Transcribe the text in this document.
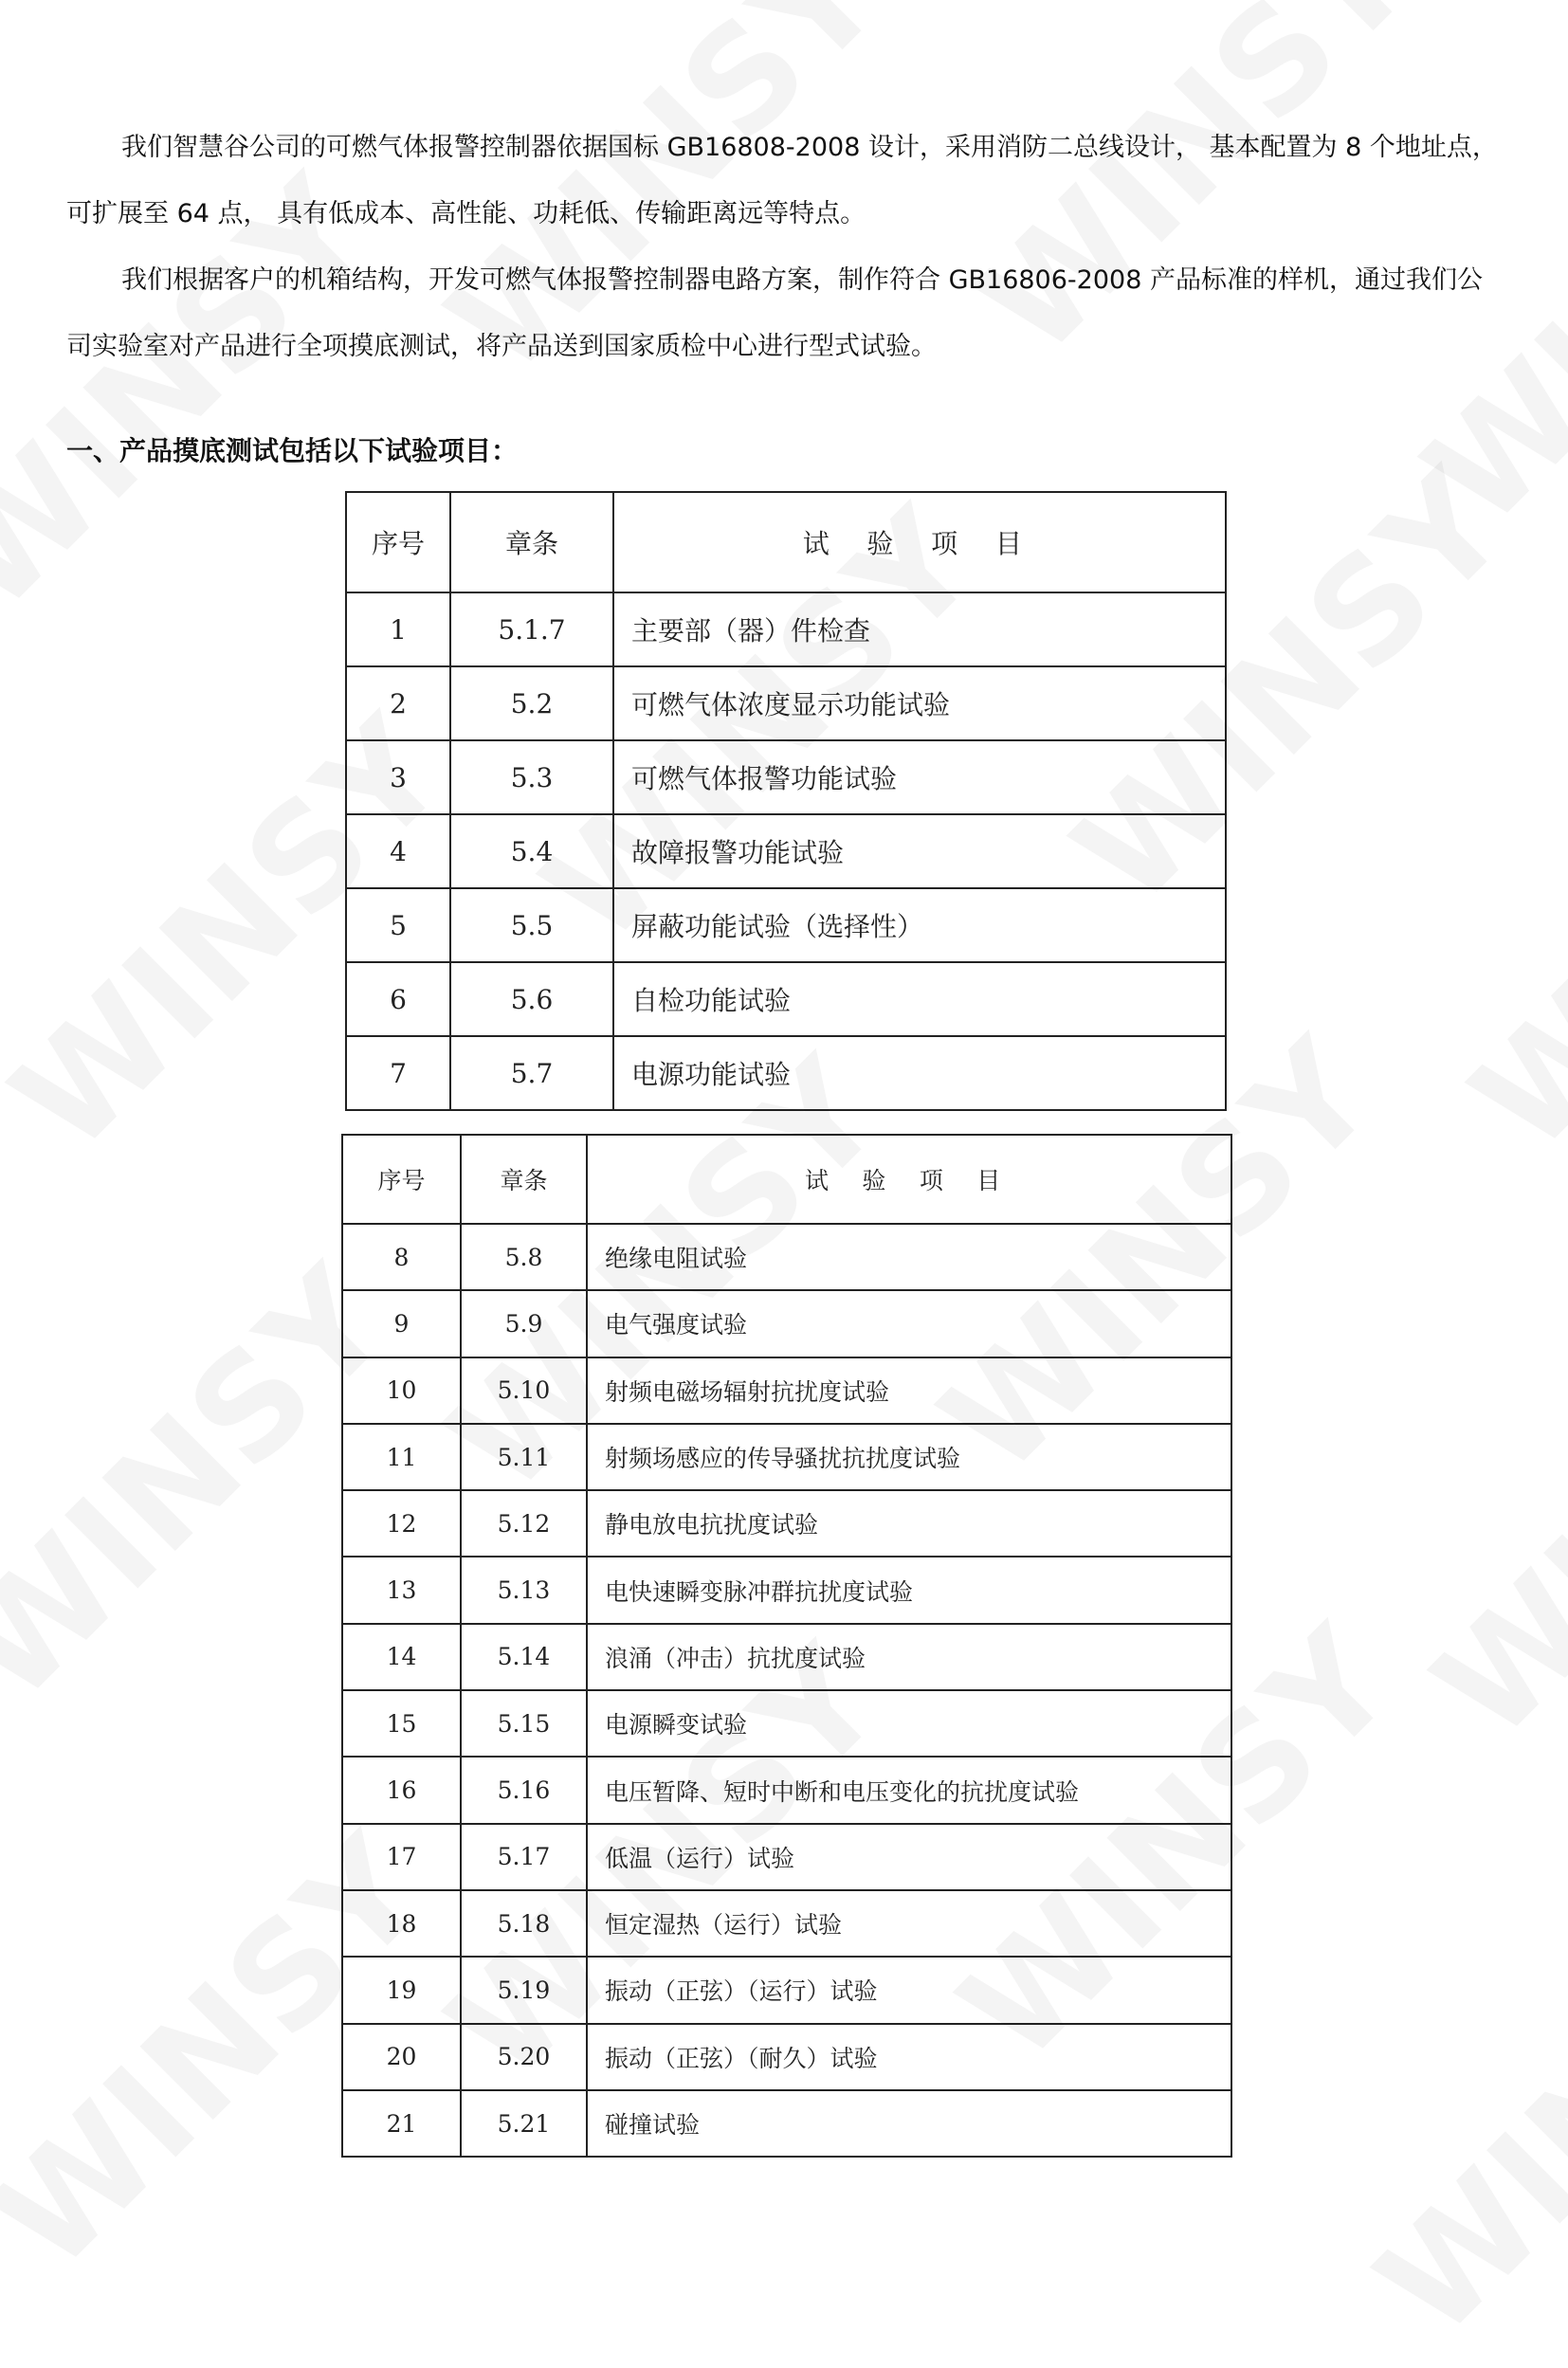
我们智慧谷公司的可燃气体报警控制器依据国标 GB16808-2008 设计，采用消防二总线设计， 基本配置为 8 个地址点，可扩展至 64 点， 具有低成本、高性能、功耗低、传输距离远等特点。

我们根据客户的机箱结构，开发可燃气体报警控制器电路方案，制作符合 GB16806-2008 产品标准的样机，通过我们公司实验室对产品进行全项摸底测试，将产品送到国家质检中心进行型式试验。

一、产品摸底测试包括以下试验项目：
序号	章条	试 验 项 目
1	5.1.7	主要部（器）件检查
2	5.2	可燃气体浓度显示功能试验
3	5.3	可燃气体报警功能试验
4	5.4	故障报警功能试验
5	5.5	屏蔽功能试验（选择性）
6	5.6	自检功能试验
7	5.7	电源功能试验
序号	章条	试 验 项 目
8	5.8	绝缘电阻试验
9	5.9	电气强度试验
10	5.10	射频电磁场辐射抗扰度试验
11	5.11	射频场感应的传导骚扰抗扰度试验
12	5.12	静电放电抗扰度试验
13	5.13	电快速瞬变脉冲群抗扰度试验
14	5.14	浪涌（冲击）抗扰度试验
15	5.15	电源瞬变试验
16	5.16	电压暂降、短时中断和电压变化的抗扰度试验
17	5.17	低温（运行）试验
18	5.18	恒定湿热（运行）试验
19	5.19	振动（正弦）（运行）试验
20	5.20	振动（正弦）（耐久）试验
21	5.21	碰撞试验
